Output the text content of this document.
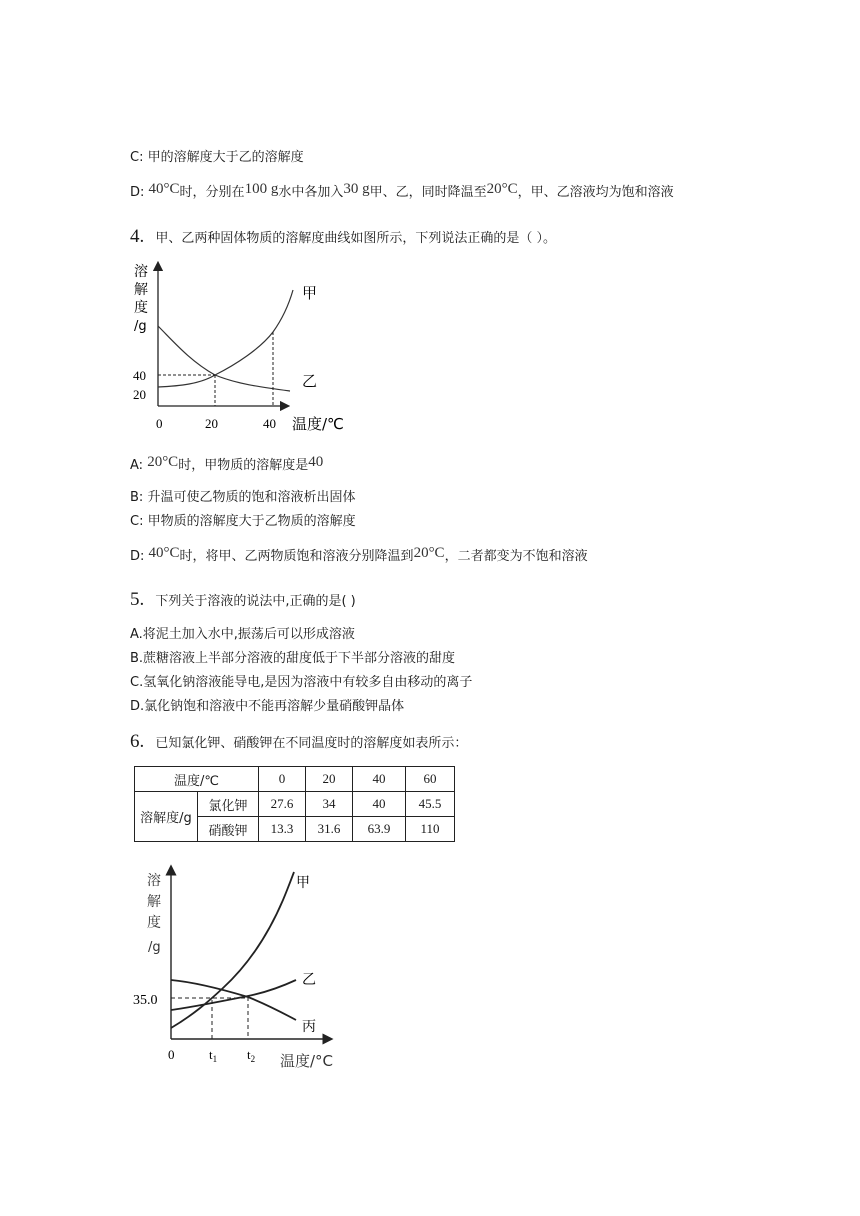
C: 甲的溶解度大于乙的溶解度
D: 40°C时，分别在100 g水中各加入30 g甲、乙，同时降温至20°C，甲、乙溶液均为饱和溶液
4. 甲、乙两种固体物质的溶解度曲线如图所示，下列说法正确的是（ ）。
溶
解
度
/g
40
20
0	20	40 温度/℃
甲
乙
A: 20°C时，甲物质的溶解度是40
B: 升温可使乙物质的饱和溶液析出固体
C: 甲物质的溶解度大于乙物质的溶解度
D: 40°C时，将甲、乙两物质饱和溶液分别降温到20°C，二者都变为不饱和溶液
5. 下列关于溶液的说法中,正确的是( )
A.将泥土加入水中,振荡后可以形成溶液
B.蔗糖溶液上半部分溶液的甜度低于下半部分溶液的甜度
C.氢氧化钠溶液能导电,是因为溶液中有较多自由移动的离子
D.氯化钠饱和溶液中不能再溶解少量硝酸钾晶体
6. 已知氯化钾、硝酸钾在不同温度时的溶解度如表所示：
温度/℃		0	20	40	60
溶解度/g	氯化钾	27.6	34	40	45.5
	硝酸钾	13.3	31.6	63.9	110
溶
解
度
/g
35.0
0	$t_1$ $t_2$ 温度/°C
甲
乙
丙
